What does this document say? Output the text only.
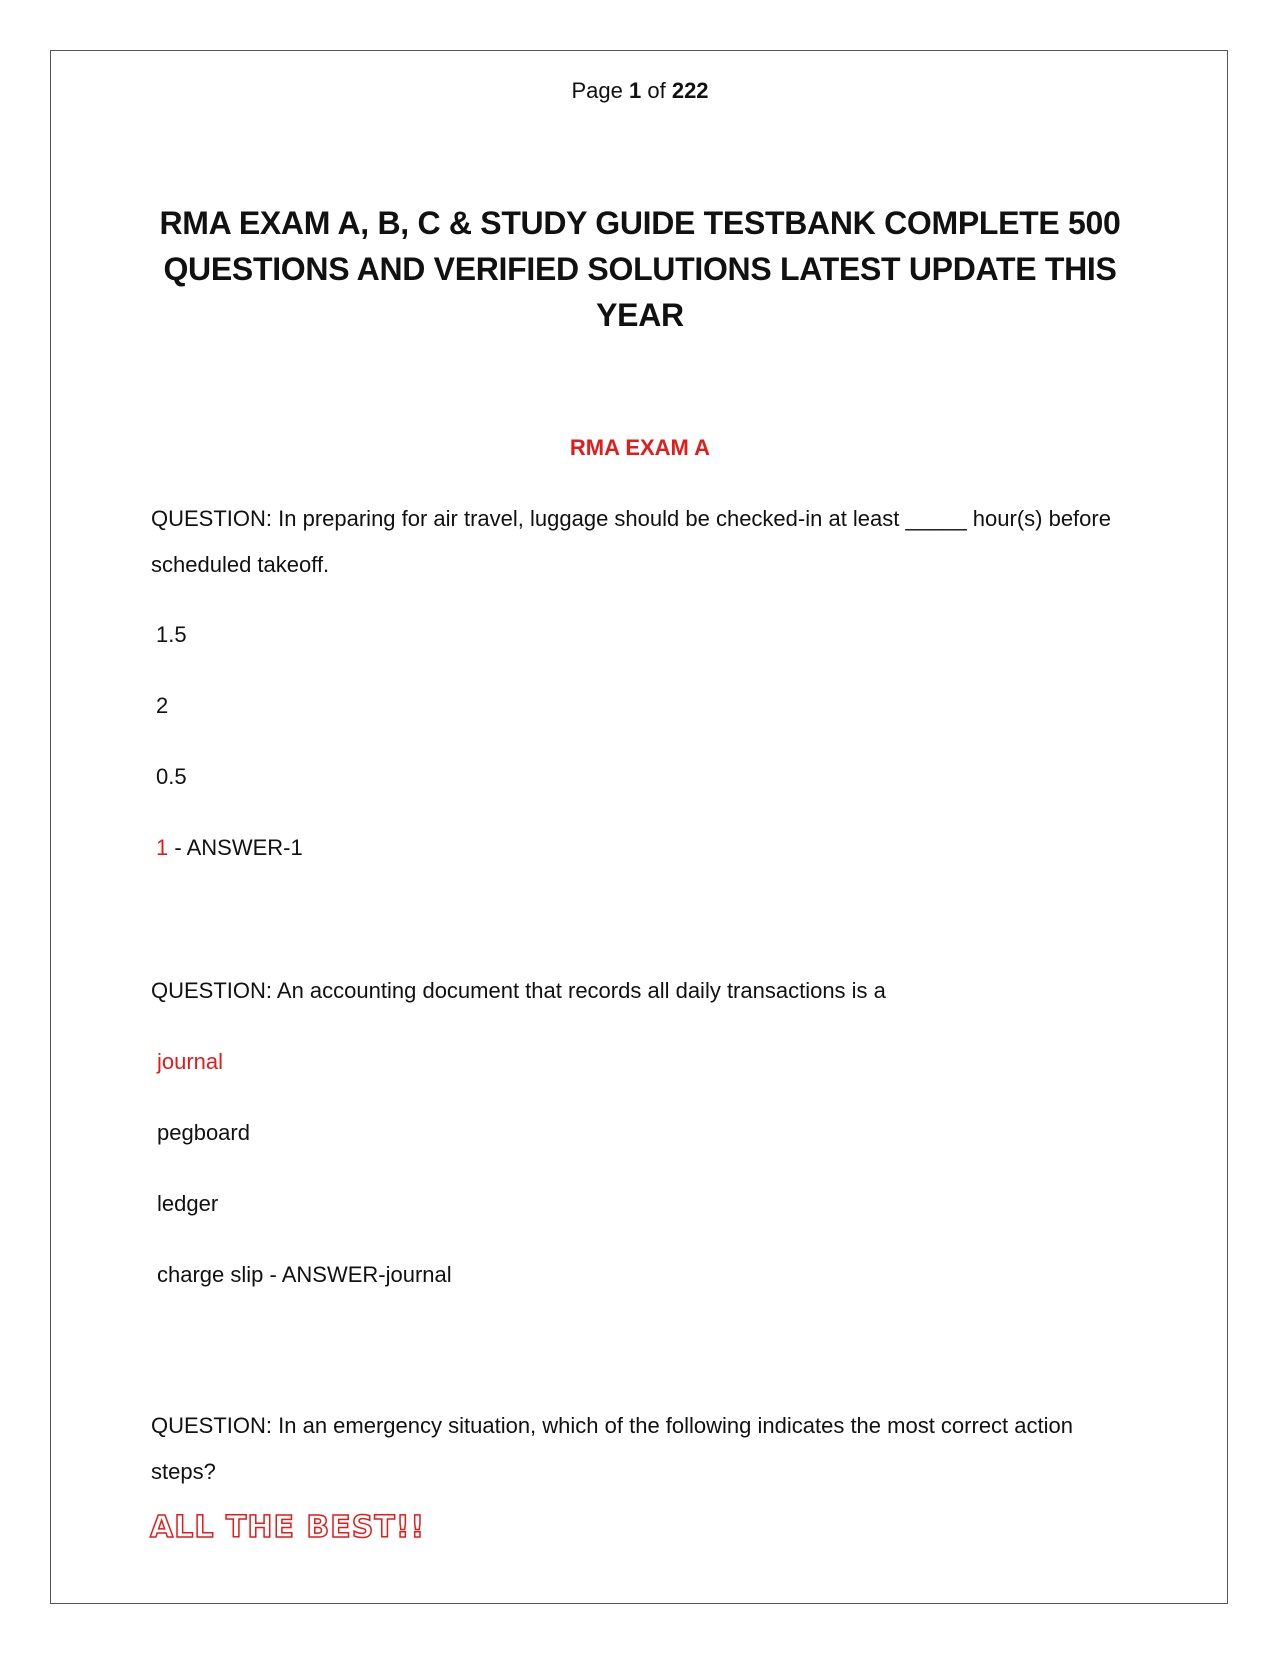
Page 1 of 222
RMA EXAM A, B, C & STUDY GUIDE TESTBANK COMPLETE 500 QUESTIONS AND VERIFIED SOLUTIONS LATEST UPDATE THIS YEAR
RMA EXAM A
QUESTION: In preparing for air travel, luggage should be checked-in at least _____ hour(s) before scheduled takeoff.
1.5
2
0.5
1 - ANSWER-1
QUESTION: An accounting document that records all daily transactions is a
journal
pegboard
ledger
charge slip - ANSWER-journal
QUESTION: In an emergency situation, which of the following indicates the most correct action steps?
ALL THE BEST!!
